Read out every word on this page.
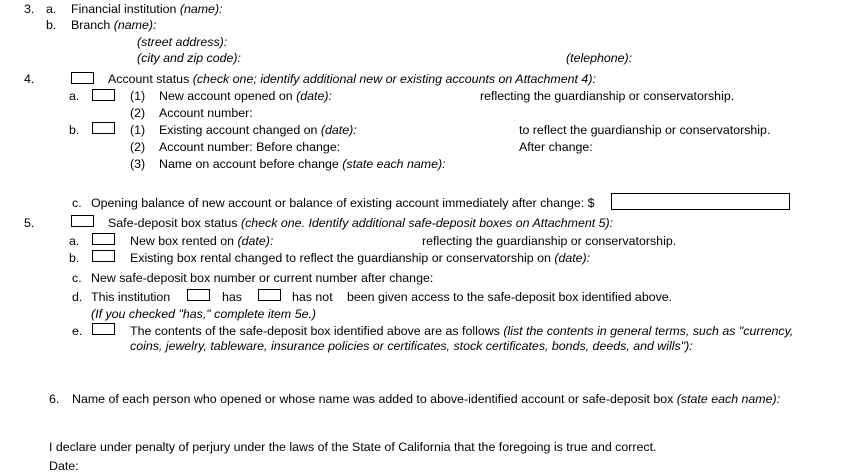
3. a. Financial institution (name):
b. Branch (name):
(street address):
(city and zip code):	(telephone):
4.	Account status (check one; identify additional new or existing accounts on Attachment 4):
a.	(1) New account opened on (date):	reflecting the guardianship or conservatorship.
(2) Account number:
b.	(1) Existing account changed on (date):	to reflect the guardianship or conservatorship.
(2) Account number: Before change:	After change:
(3) Name on account before change (state each name):
c. Opening balance of new account or balance of existing account immediately after change: $
5.	Safe-deposit box status (check one. Identify additional safe-deposit boxes on Attachment 5):
a.	New box rented on (date):	reflecting the guardianship or conservatorship.
b.	Existing box rental changed to reflect the guardianship or conservatorship on (date):
c. New safe-deposit box number or current number after change:
d. This institution	has	has not been given access to the safe-deposit box identified above.
(If you checked "has," complete item 5e.)
e.	The contents of the safe-deposit box identified above are as follows (list the contents in general terms, such as "currency,
coins, jewelry, tableware, insurance policies or certificates, stock certificates, bonds, deeds, and wills"):
6. Name of each person who opened or whose name was added to above-identified account or safe-deposit box (state each name):
I declare under penalty of perjury under the laws of the State of California that the foregoing is true and correct.
Date:
